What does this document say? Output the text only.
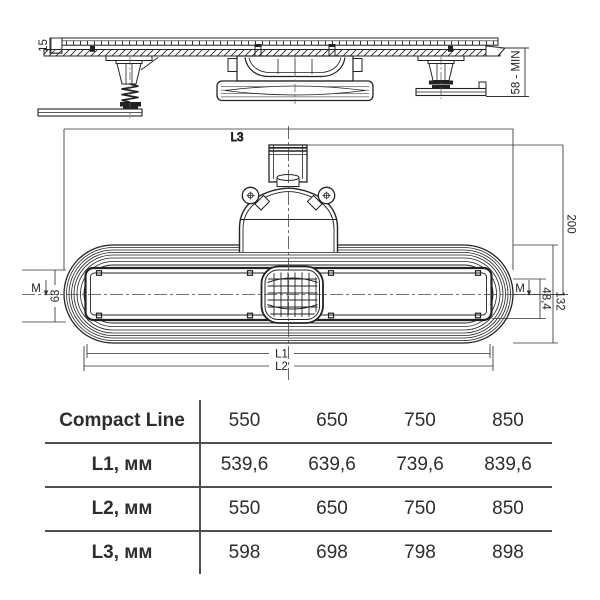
15
58 - MIN
M
63
M 48,4 132
200
L3
L1
L2
Compact Line	550	650	750	850
L1, мм	539,6	639,6	739,6	839,6
L2, мм	550	650	750	850
L3, мм	598	698	798	898
